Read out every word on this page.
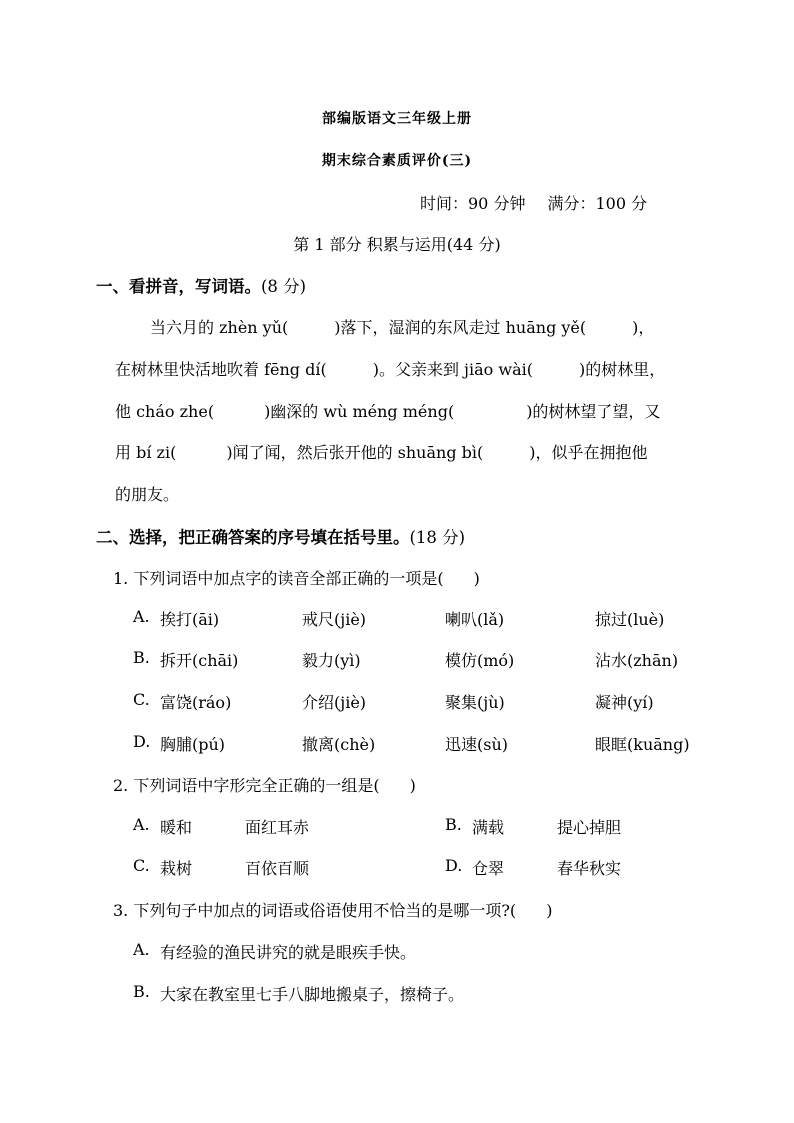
部编版语文三年级上册
期末综合素质评价(三)
时间：90 分钟 满分：100 分
第 1 部分 积累与运用(44 分)
一、看拼音，写词语。(8 分)
当六月的 zhèn yǔ(	)落下，湿润的东风走过 huāng yě(	)，
在树林里快活地吹着 fēng dí(	)。父亲来到 jiāo wài(	)的树林里，
他 cháo zhe(	)幽深的 wù méng méng(	)的树林望了望，又
用 bí zi(	)闻了闻，然后张开他的 shuāng bì(	)，似乎在拥抱他
的朋友。
二、选择，把正确答案的序号填在括号里。(18 分)
1. 下列词语中加点字的读音全部正确的一项是( )
A. 挨打(āi)	戒尺(jiè)	喇叭(lǎ)	掠过(luè)
B. 拆开(chāi)	毅力(yì)	模仿(mó)	沾水(zhān)
C. 富饶(ráo)	介绍(jiè)	聚集(jù)	凝神(yí)
D. 胸脯(pú)	撤离(chè)	迅速(sù)	眼眶(kuāng)
2. 下列词语中字形完全正确的一组是( )
A. 暖和	面红耳赤	B. 满载	提心掉胆
C. 栽树	百依百顺	D. 仓翠	春华秋实
3. 下列句子中加点的词语或俗语使用不恰当的是哪一项?( )
A. 有经验的渔民讲究的就是眼疾手快。
B. 大家在教室里七手八脚地搬桌子，擦椅子。
